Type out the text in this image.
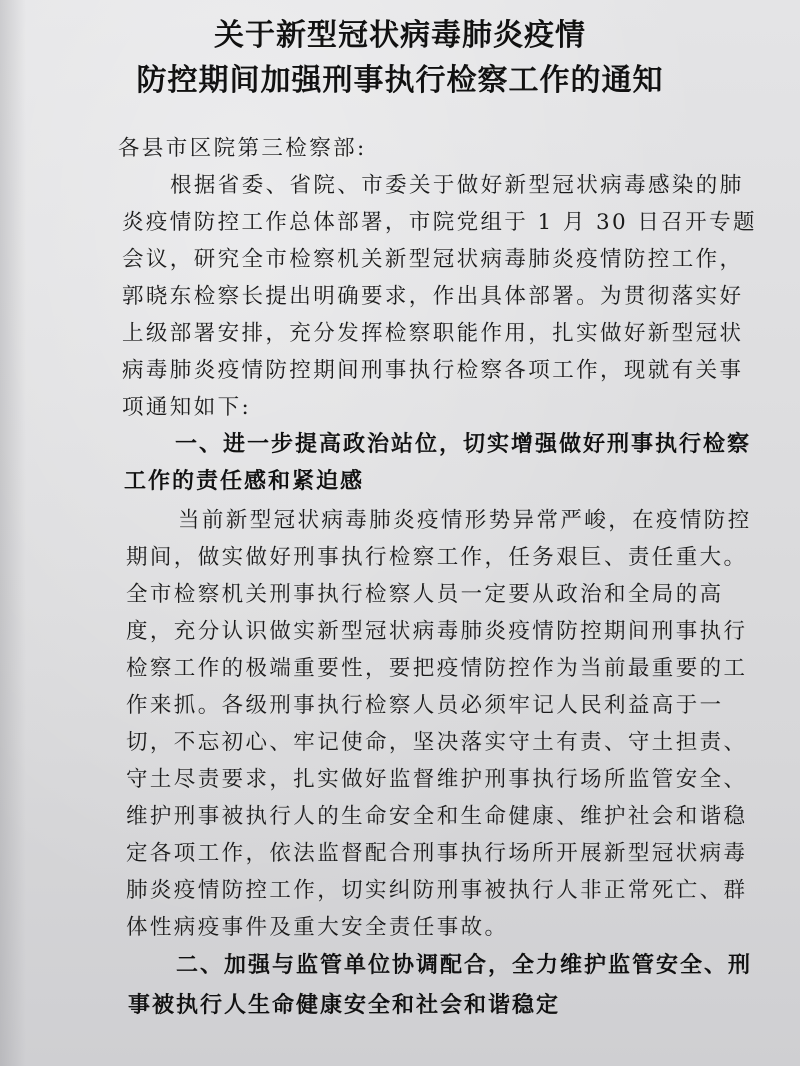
关于新型冠状病毒肺炎疫情
防控期间加强刑事执行检察工作的通知
各县市区院第三检察部:
根据省委、省院、市委关于做好新型冠状病毒感染的肺
炎疫情防控工作总体部署，市院党组于 1 月 30 日召开专题
会议，研究全市检察机关新型冠状病毒肺炎疫情防控工作，
郭晓东检察长提出明确要求，作出具体部署。为贯彻落实好
上级部署安排，充分发挥检察职能作用，扎实做好新型冠状
病毒肺炎疫情防控期间刑事执行检察各项工作，现就有关事
项通知如下:
一、进一步提高政治站位，切实增强做好刑事执行检察
工作的责任感和紧迫感
当前新型冠状病毒肺炎疫情形势异常严峻，在疫情防控
期间，做实做好刑事执行检察工作，任务艰巨、责任重大。
全市检察机关刑事执行检察人员一定要从政治和全局的高
度，充分认识做实新型冠状病毒肺炎疫情防控期间刑事执行
检察工作的极端重要性，要把疫情防控作为当前最重要的工
作来抓。各级刑事执行检察人员必须牢记人民利益高于一
切，不忘初心、牢记使命，坚决落实守土有责、守土担责、
守土尽责要求，扎实做好监督维护刑事执行场所监管安全、
维护刑事被执行人的生命安全和生命健康、维护社会和谐稳
定各项工作，依法监督配合刑事执行场所开展新型冠状病毒
肺炎疫情防控工作，切实纠防刑事被执行人非正常死亡、群
体性病疫事件及重大安全责任事故。
二、加强与监管单位协调配合，全力维护监管安全、刑
事被执行人生命健康安全和社会和谐稳定
